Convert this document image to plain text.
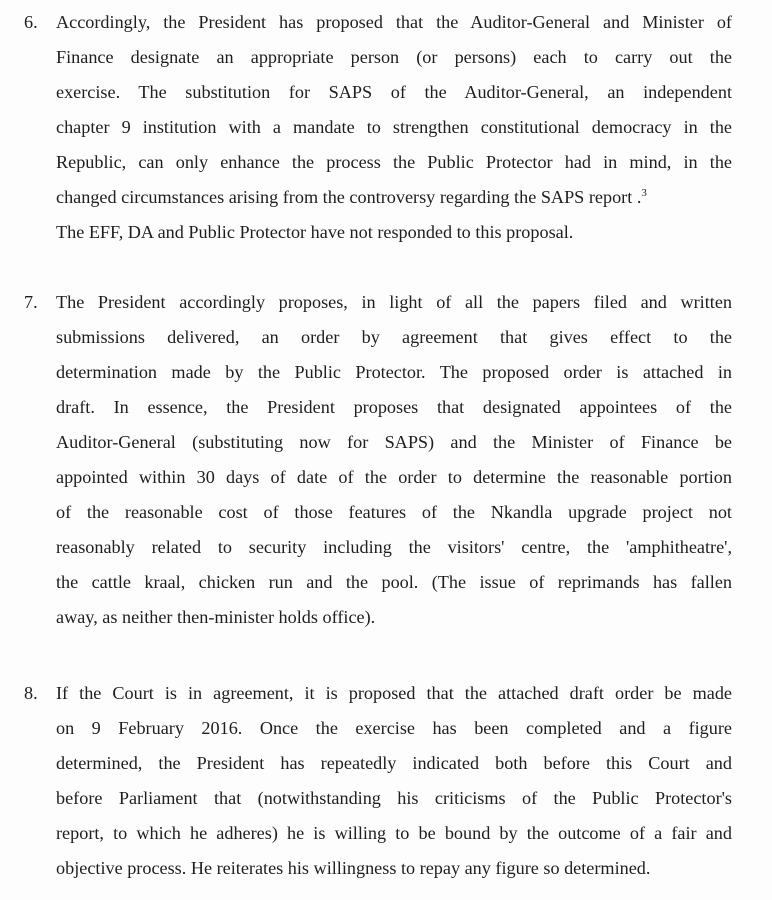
6. Accordingly, the President has proposed that the Auditor-General and Minister of
Finance designate an appropriate person (or persons) each to carry out the
exercise. The substitution for SAPS of the Auditor-General, an independent
chapter 9 institution with a mandate to strengthen constitutional democracy in the
Republic, can only enhance the process the Public Protector had in mind, in the
changed circumstances arising from the controversy regarding the SAPS report .$^3$
The EFF, DA and Public Protector have not responded to this proposal.
7. The President accordingly proposes, in light of all the papers filed and written
submissions delivered, an order by agreement that gives effect to the
determination made by the Public Protector. The proposed order is attached in
draft. In essence, the President proposes that designated appointees of the
Auditor-General (substituting now for SAPS) and the Minister of Finance be
appointed within 30 days of date of the order to determine the reasonable portion
of the reasonable cost of those features of the Nkandla upgrade project not
reasonably related to security including the visitors' centre, the 'amphitheatre',
the cattle kraal, chicken run and the pool. (The issue of reprimands has fallen
away, as neither then-minister holds office).
8. If the Court is in agreement, it is proposed that the attached draft order be made
on 9 February 2016. Once the exercise has been completed and a figure
determined, the President has repeatedly indicated both before this Court and
before Parliament that (notwithstanding his criticisms of the Public Protector's
report, to which he adheres) he is willing to be bound by the outcome of a fair and
objective process. He reiterates his willingness to repay any figure so determined.
